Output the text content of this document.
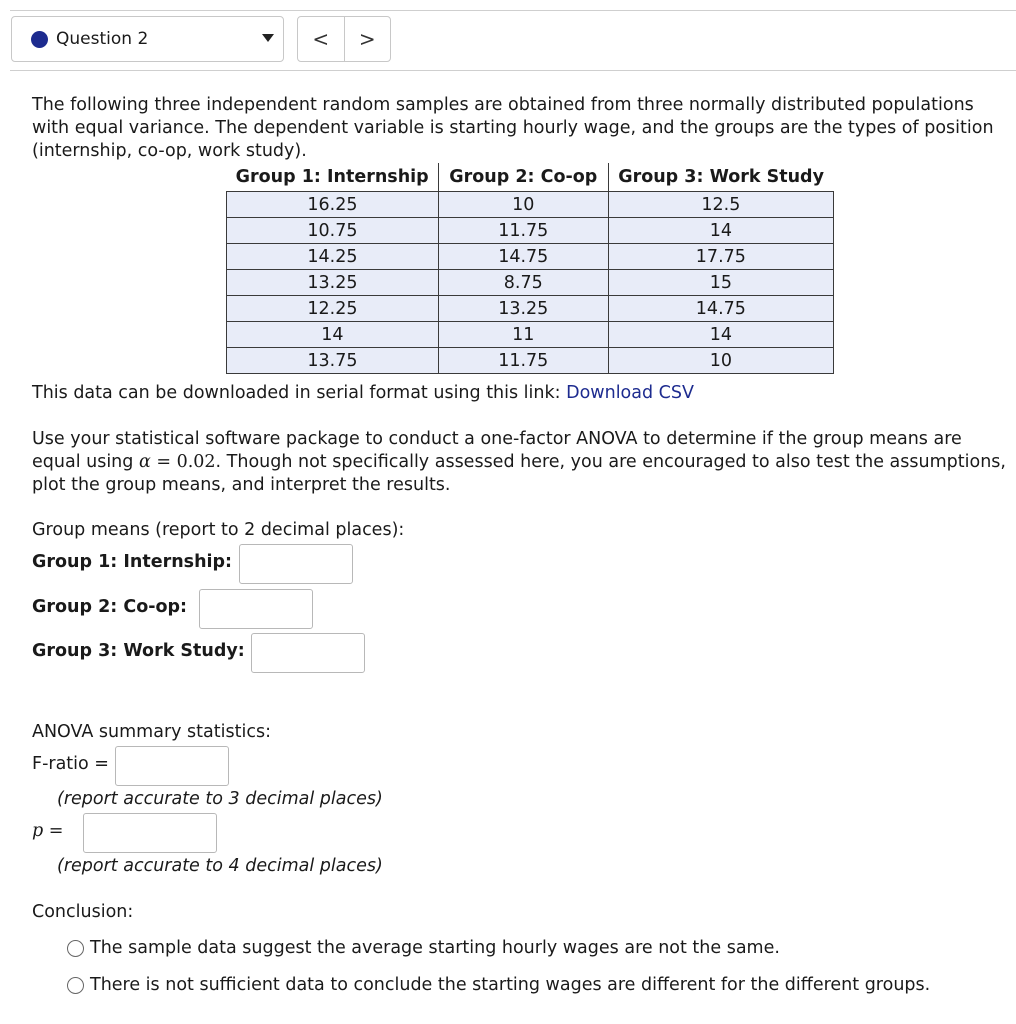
Question 2	<	>
The following three independent random samples are obtained from three normally distributed populations with equal variance. The dependent variable is starting hourly wage, and the groups are the types of position (internship, co-op, work study).
Group 1: Internship	Group 2: Co-op	Group 3: Work Study
16.25	10	12.5
10.75	11.75	14
14.25	14.75	17.75
13.25	8.75	15
12.25	13.25	14.75
14	11	14
13.75	11.75	10
This data can be downloaded in serial format using this link: Download CSV
Use your statistical software package to conduct a one-factor ANOVA to determine if the group means are equal using α = 0.02. Though not specifically assessed here, you are encouraged to also test the assumptions, plot the group means, and interpret the results.
Group means (report to 2 decimal places):
Group 1: Internship:
Group 2: Co-op:
Group 3: Work Study:
ANOVA summary statistics:
F-ratio =
(report accurate to 3 decimal places)
p =
(report accurate to 4 decimal places)
Conclusion:
The sample data suggest the average starting hourly wages are not the same.
There is not sufficient data to conclude the starting wages are different for the different groups.
